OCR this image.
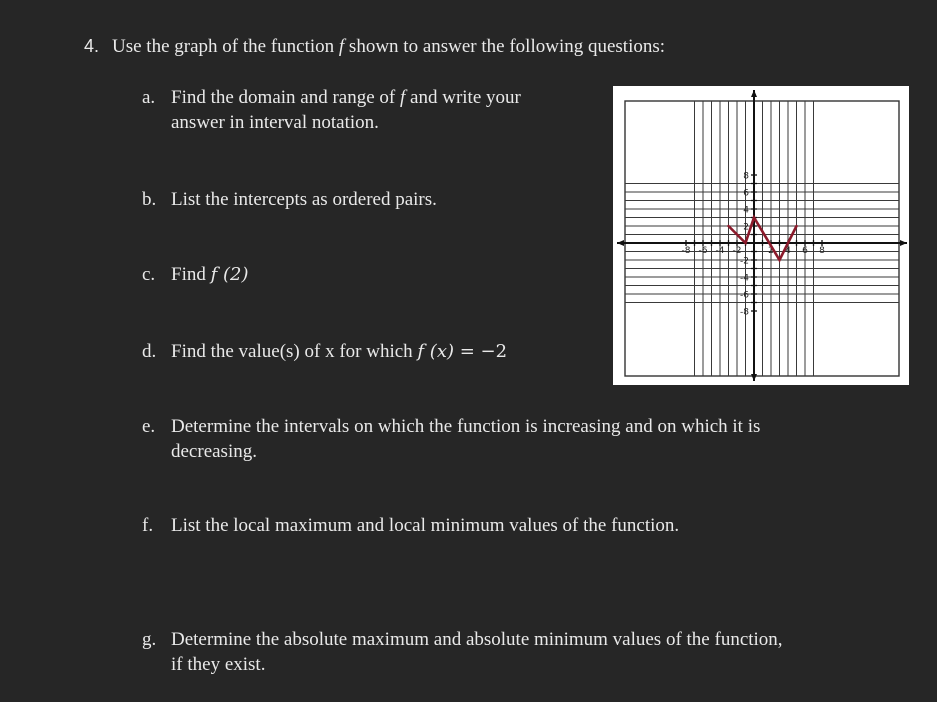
4. Use the graph of the function f shown to answer the following questions:
a. Find the domain and range of f and write your
answer in interval notation.
b. List the intercepts as ordered pairs.
c. Find f (2)
d. Find the value(s) of x for which f (x) = −2
e. Determine the intervals on which the function is increasing and on which it is
decreasing.
f. List the local maximum and local minimum values of the function.
g. Determine the absolute maximum and absolute minimum values of the function,
if they exist.
-8 -6 -4 -2	2 4 6 8
8
6
4
2
-2
-4
-6
-8
